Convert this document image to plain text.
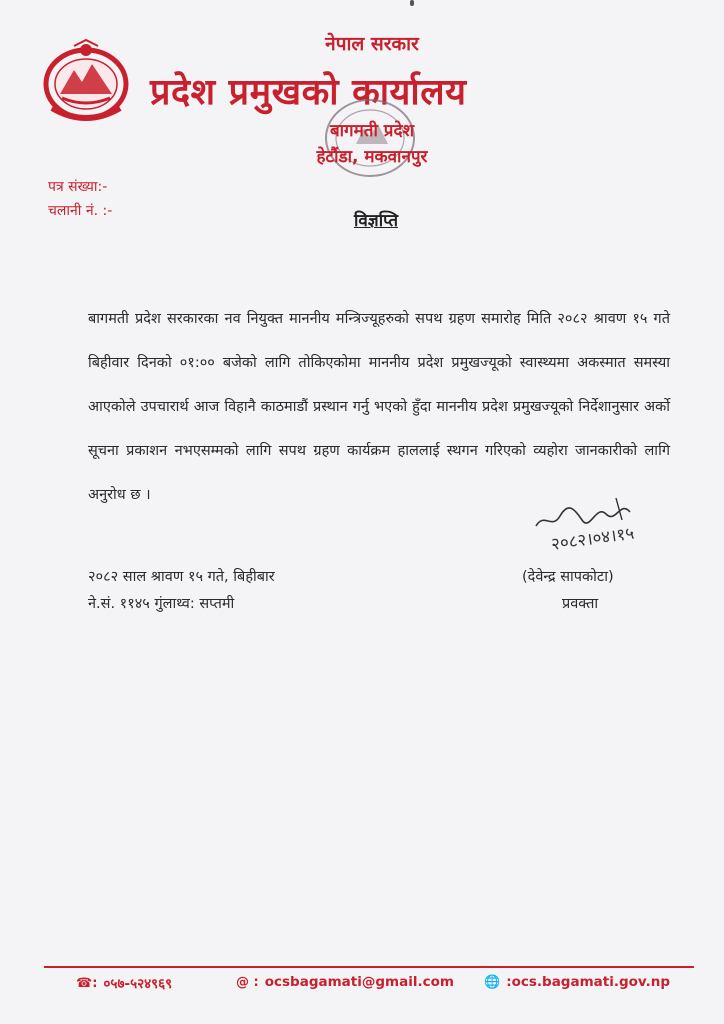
नेपाल सरकार
प्रदेश प्रमुखको कार्यालय
बागमती प्रदेश
हेटौंडा, मकवानपुर
पत्र संख्या:-
चलानी नं. :-	विज्ञप्ति
बागमती प्रदेश सरकारका नव नियुक्त माननीय मन्त्रिज्यूहरुको सपथ ग्रहण समारोह मिति २०८२ श्रावण १५ गते बिहीवार दिनको ०१:०० बजेको लागि तोकिएकोमा माननीय प्रदेश प्रमुखज्यूको स्वास्थ्यमा अकस्मात समस्या आएकोले उपचारार्थ आज विहानै काठमाडौं प्रस्थान गर्नु भएको हुँदा माननीय प्रदेश प्रमुखज्यूको निर्देशानुसार अर्को सूचना प्रकाशन नभएसम्मको लागि सपथ ग्रहण कार्यक्रम हाललाई स्थगन गरिएको व्यहोरा जानकारीको लागि अनुरोध छ ।
२०८२।०४।१५
२०८२ साल श्रावण १५ गते, बिहीबार
ने.सं. ११४५ गुंलाथ्व: सप्तमी
(देवेन्द्र सापकोटा)
प्रवक्ता
☎: ०५७-५२४९६९	@ : ocsbagamati@gmail.com 🌐 :ocs.bagamati.gov.np
